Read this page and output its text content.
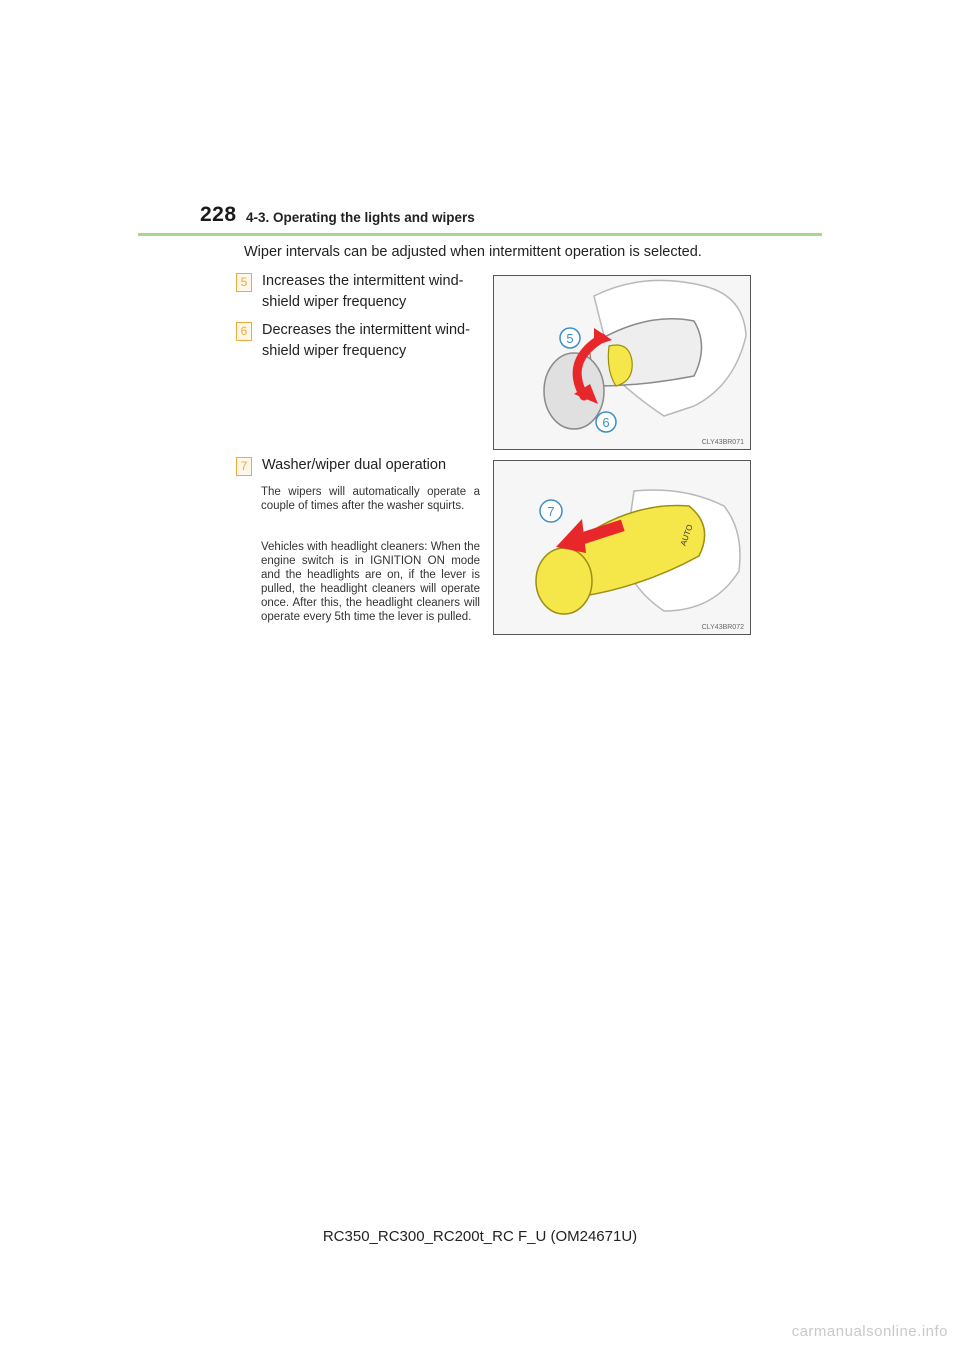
228 4-3. Operating the lights and wipers
Wiper intervals can be adjusted when intermittent operation is selected.
5	Increases the intermittent wind-shield wiper frequency
6	Decreases the intermittent wind-shield wiper frequency
7	Washer/wiper dual operation
The wipers will automatically operate a couple of times after the washer squirts.
Vehicles with headlight cleaners: When the engine switch is in IGNITION ON mode and the headlights are on, if the lever is pulled, the headlight cleaners will operate once. After this, the headlight cleaners will operate every 5th time the lever is pulled.
5
6
CLY43BR071
AUTO
7
CLY43BR072
RC350_RC300_RC200t_RC F_U (OM24671U)
carmanualsonline.info
